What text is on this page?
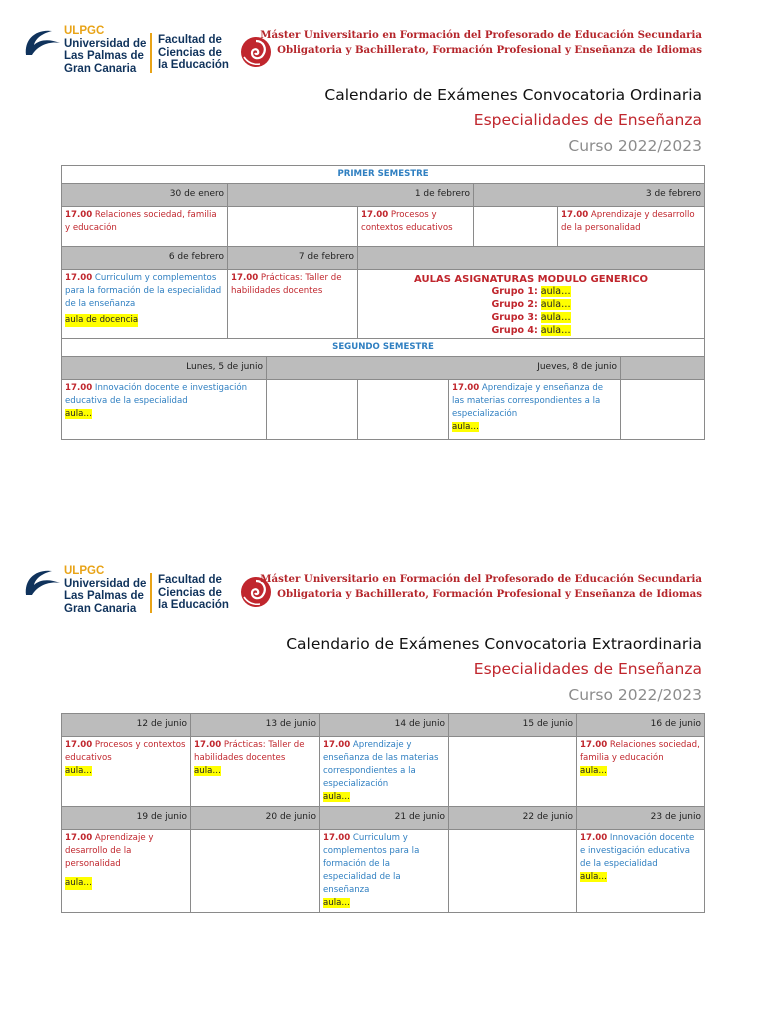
ULPGC
Universidad de
Las Palmas de
Gran Canaria
Facultad de
Ciencias de
la Educación
Máster Universitario en Formación del Profesorado de Educación Secundaria
Obligatoria y Bachillerato, Formación Profesional y Enseñanza de Idiomas
Calendario de Exámenes Convocatoria Ordinaria
Especialidades de Enseñanza
Curso 2022/2023
PRIMER SEMESTRE				
30 de enero	1 de febrero		3 de febrero	
17.00 Relaciones sociedad, familia y educación		17.00 Procesos y contextos educativos		17.00 Aprendizaje y desarrollo de la personalidad
6 de febrero	7 de febrero			
17.00 Curriculum y complementos para la formación de la especialidad de la enseñanza
aula de docencia	17.00 Prácticas: Taller de habilidades docentes	AULAS ASIGNATURAS MODULO GENERICO
Grupo 1: aula…
Grupo 2: aula…
Grupo 3: aula…
Grupo 4: aula…		
SEGUNDO SEMESTRE				
Lunes, 5 de junio	Jueves, 8 de junio			
17.00 Innovación docente e investigación educativa de la especialidad
aula…			17.00 Aprendizaje y enseñanza de las materias correspondientes a la especialización
aula…	
ULPGC
Universidad de
Las Palmas de
Gran Canaria
Facultad de
Ciencias de
la Educación
Máster Universitario en Formación del Profesorado de Educación Secundaria
Obligatoria y Bachillerato, Formación Profesional y Enseñanza de Idiomas
Calendario de Exámenes Convocatoria Extraordinaria
Especialidades de Enseñanza
Curso 2022/2023
12 de junio	13 de junio	14 de junio	15 de junio	16 de junio
17.00 Procesos y contextos educativos
aula…	17.00 Prácticas: Taller de habilidades docentes
aula…	17.00 Aprendizaje y enseñanza de las materias correspondientes a la especialización
aula…		17.00 Relaciones sociedad, familia y educación
aula…
19 de junio	20 de junio	21 de junio	22 de junio	23 de junio
17.00 Aprendizaje y desarrollo de la personalidad
aula…		17.00 Curriculum y complementos para la formación de la especialidad de la enseñanza
aula…		17.00 Innovación docente e investigación educativa de la especialidad
aula…
